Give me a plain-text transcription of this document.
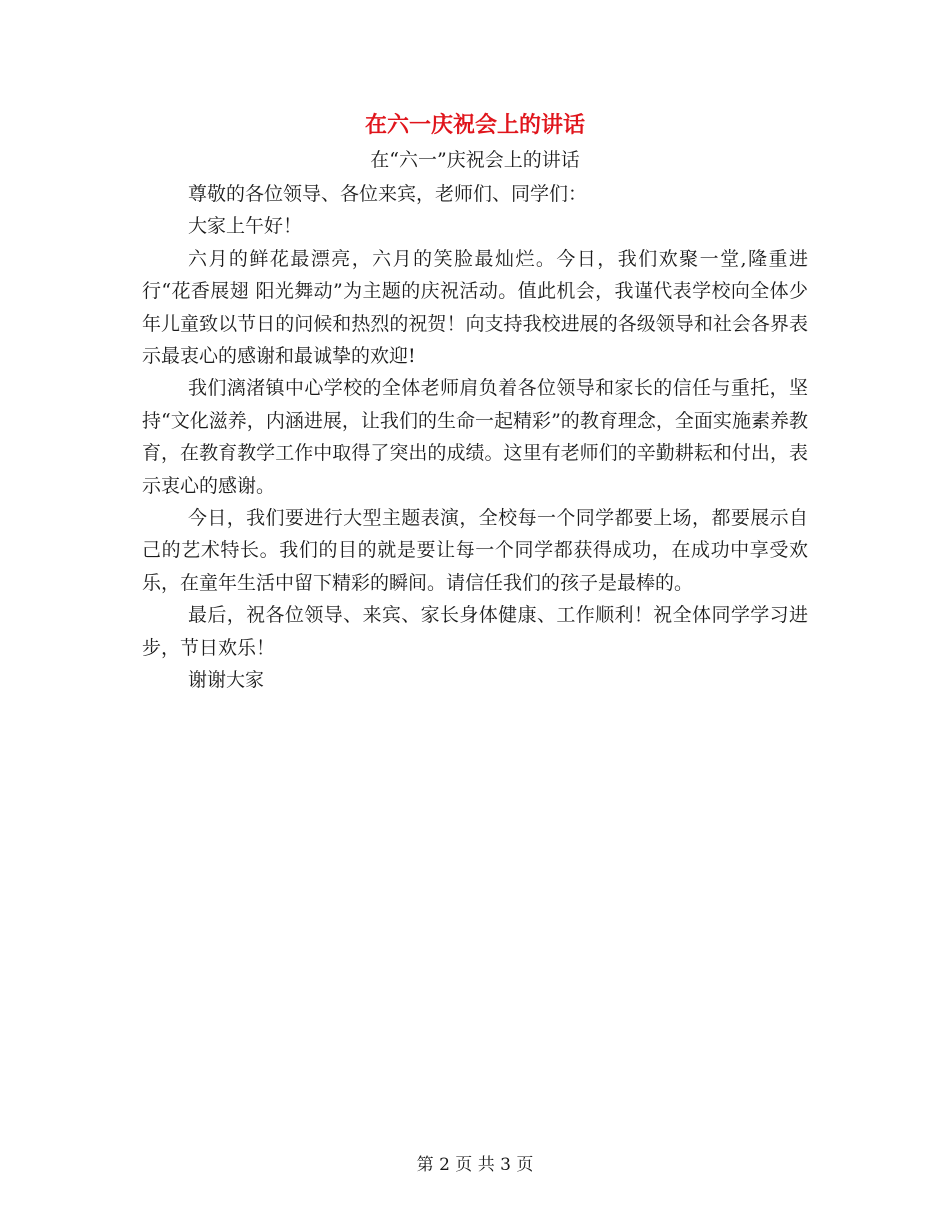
在六一庆祝会上的讲话
在“六一”庆祝会上的讲话

尊敬的各位领导、各位来宾，老师们、同学们：

大家上午好！

六月的鲜花最漂亮，六月的笑脸最灿烂。今日，我们欢聚一堂,隆重进行“花香展翅 阳光舞动”为主题的庆祝活动。值此机会，我谨代表学校向全体少年儿童致以节日的问候和热烈的祝贺！向支持我校进展的各级领导和社会各界表示最衷心的感谢和最诚挚的欢迎!

我们漓渚镇中心学校的全体老师肩负着各位领导和家长的信任与重托，坚持“文化滋养，内涵进展，让我们的生命一起精彩”的教育理念，全面实施素养教育，在教育教学工作中取得了突出的成绩。这里有老师们的辛勤耕耘和付出，表示衷心的感谢。

今日，我们要进行大型主题表演，全校每一个同学都要上场，都要展示自己的艺术特长。我们的目的就是要让每一个同学都获得成功，在成功中享受欢乐，在童年生活中留下精彩的瞬间。请信任我们的孩子是最棒的。

最后，祝各位领导、来宾、家长身体健康、工作顺利！祝全体同学学习进步，节日欢乐！

谢谢大家

第 2 页 共 3 页
